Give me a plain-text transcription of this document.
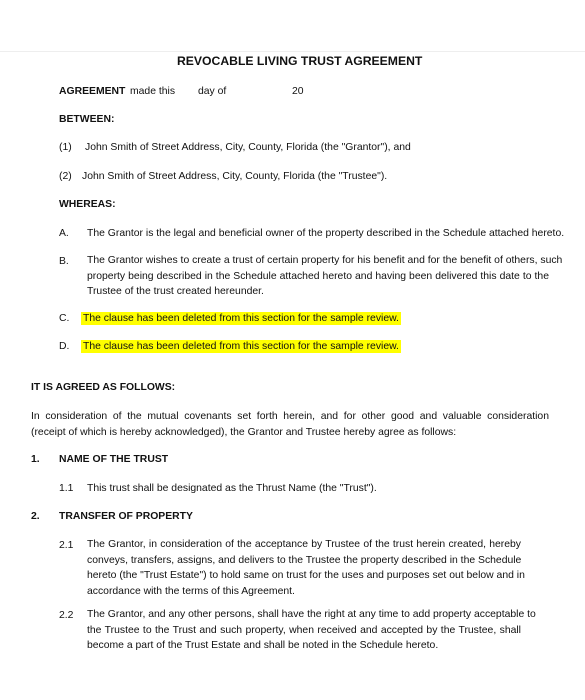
REVOCABLE LIVING TRUST AGREEMENT
AGREEMENT made this day of	20
BETWEEN:
(1) John Smith of Street Address, City, County, Florida (the "Grantor"), and
(2) John Smith of Street Address, City, County, Florida (the "Trustee").
WHEREAS:
A. The Grantor is the legal and beneficial owner of the property described in the Schedule attached hereto.
B. The Grantor wishes to create a trust of certain property for his benefit and for the benefit of others, such
property being described in the Schedule attached hereto and having been delivered this date to the
Trustee of the trust created hereunder.
C. The clause has been deleted from this section for the sample review.
D. The clause has been deleted from this section for the sample review.
IT IS AGREED AS FOLLOWS:
In consideration of the mutual covenants set forth herein, and for other good and valuable consideration
(receipt of which is hereby acknowledged), the Grantor and Trustee hereby agree as follows:
1. NAME OF THE TRUST
1.1 This trust shall be designated as the Thrust Name (the "Trust").
2. TRANSFER OF PROPERTY
2.1 The Grantor, in consideration of the acceptance by Trustee of the trust herein created, hereby
conveys, transfers, assigns, and delivers to the Trustee the property described in the Schedule
hereto (the "Trust Estate") to hold same on trust for the uses and purposes set out below and in
accordance with the terms of this Agreement.
2.2 The Grantor, and any other persons, shall have the right at any time to add property acceptable to
the Trustee to the Trust and such property, when received and accepted by the Trustee, shall
become a part of the Trust Estate and shall be noted in the Schedule hereto.
